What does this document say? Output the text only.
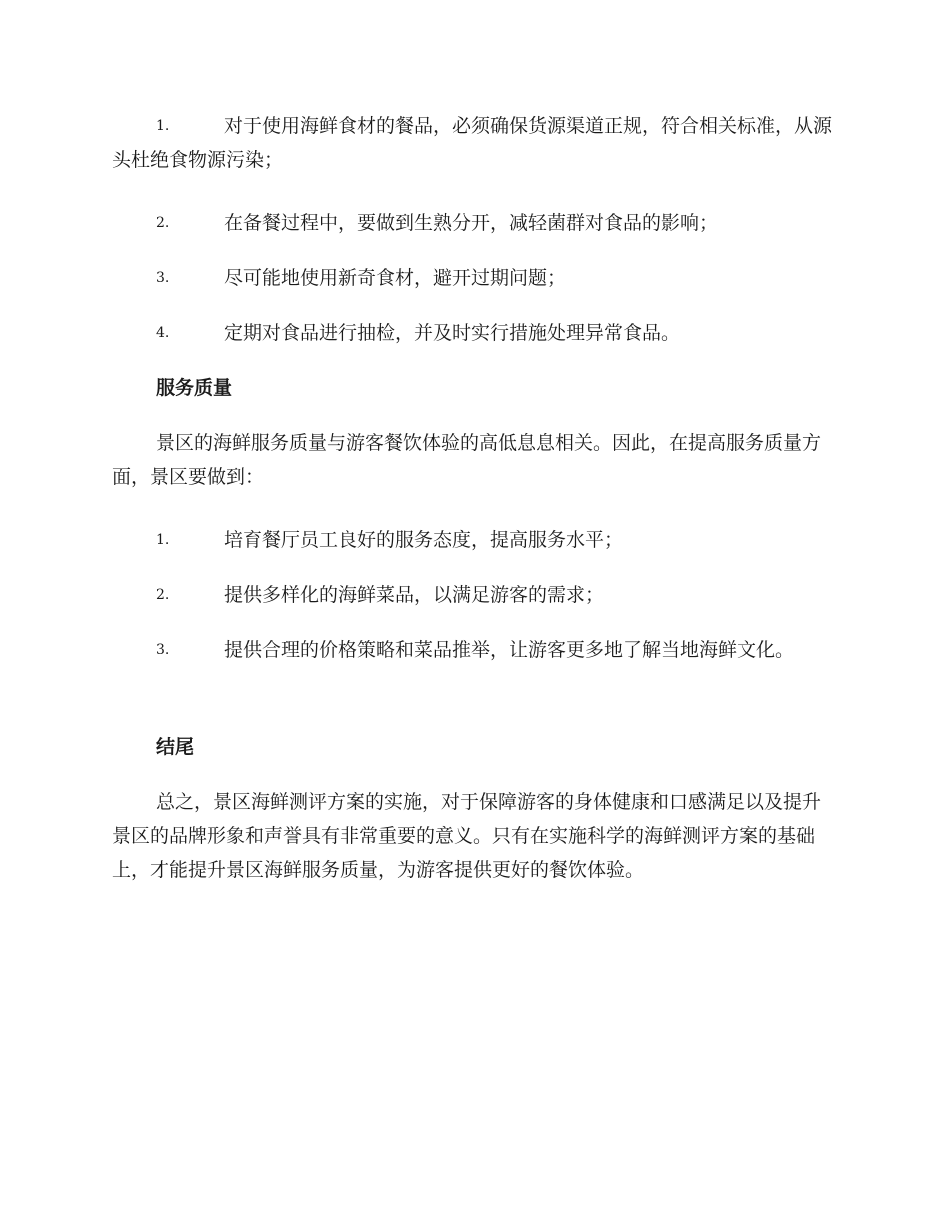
1.	对于使用海鲜食材的餐品，必须确保货源渠道正规，符合相关标准，从源头杜绝食物源污染；
2.	在备餐过程中，要做到生熟分开，减轻菌群对食品的影响；
3.	尽可能地使用新奇食材，避开过期问题；
4.	定期对食品进行抽检，并及时实行措施处理异常食品。
服务质量

景区的海鲜服务质量与游客餐饮体验的高低息息相关。因此，在提高服务质量方面，景区要做到：

1.	培育餐厅员工良好的服务态度，提高服务水平；
2.	提供多样化的海鲜菜品，以满足游客的需求；
3.	提供合理的价格策略和菜品推举，让游客更多地了解当地海鲜文化。
结尾

总之，景区海鲜测评方案的实施，对于保障游客的身体健康和口感满足以及提升景区的品牌形象和声誉具有非常重要的意义。只有在实施科学的海鲜测评方案的基础上，才能提升景区海鲜服务质量，为游客提供更好的餐饮体验。
